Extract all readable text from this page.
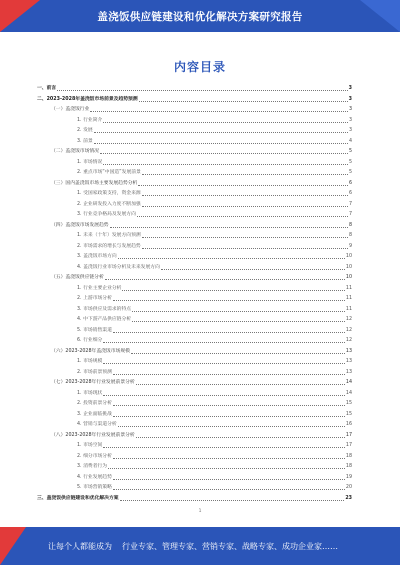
盖浇饭供应链建设和优化解决方案研究报告
内容目录
一、前言	3
二、2023-2028年盖浇饭市场前景及趋势预测	3
（一）盖浇饭行业	3
1. 行业简介	3
2. 发展	3
3. 前景	4
（二）盖浇饭市场情况	5
1. 市场情况	5
2. 重点市场“中国造”发展前景	5
（三）国内盖浇饭市场主要发展趋势分析	6
1. 受国家政策支持，资金来源	6
2. 企业研发投入力度不断加强	7
3. 行业竞争格局及发展方向	7
（四）盖浇饭市场发展趋势	8
1. 未来（十年）发展方向预测	8
2. 市场需求的增长与发展趋势	9
3. 盖浇饭市场方向	10
4. 盖浇饭行业市场分析及未来发展方向	10
（五）盖浇饭供应链分析	10
1. 行业主要企业分析	11
2. 上游市场分析	11
3. 市场供应及需求的特点	11
4. 中下游产品供应链分析	12
5. 市场销售渠道	12
6. 行业细分	12
（六）2023-2028年盖浇饭市场规模	13
1. 市场规模	13
2. 市场前景预测	13
（七）2023-2028年行业发展前景分析	14
1. 市场现状	14
2. 投资前景分析	15
3. 企业面临挑战	15
4. 营销与渠道分析	16
（八）2023-2028年行业发展前景分析	17
1. 市场空间	17
2. 细分市场分析	18
3. 消费者行为	18
4. 行业发展趋势	19
5. 市场营销策略	20
三、盖浇饭供应链建设和优化解决方案	23
1
让每个人都能成为 行业专家、管理专家、营销专家、战略专家、成功企业家……
